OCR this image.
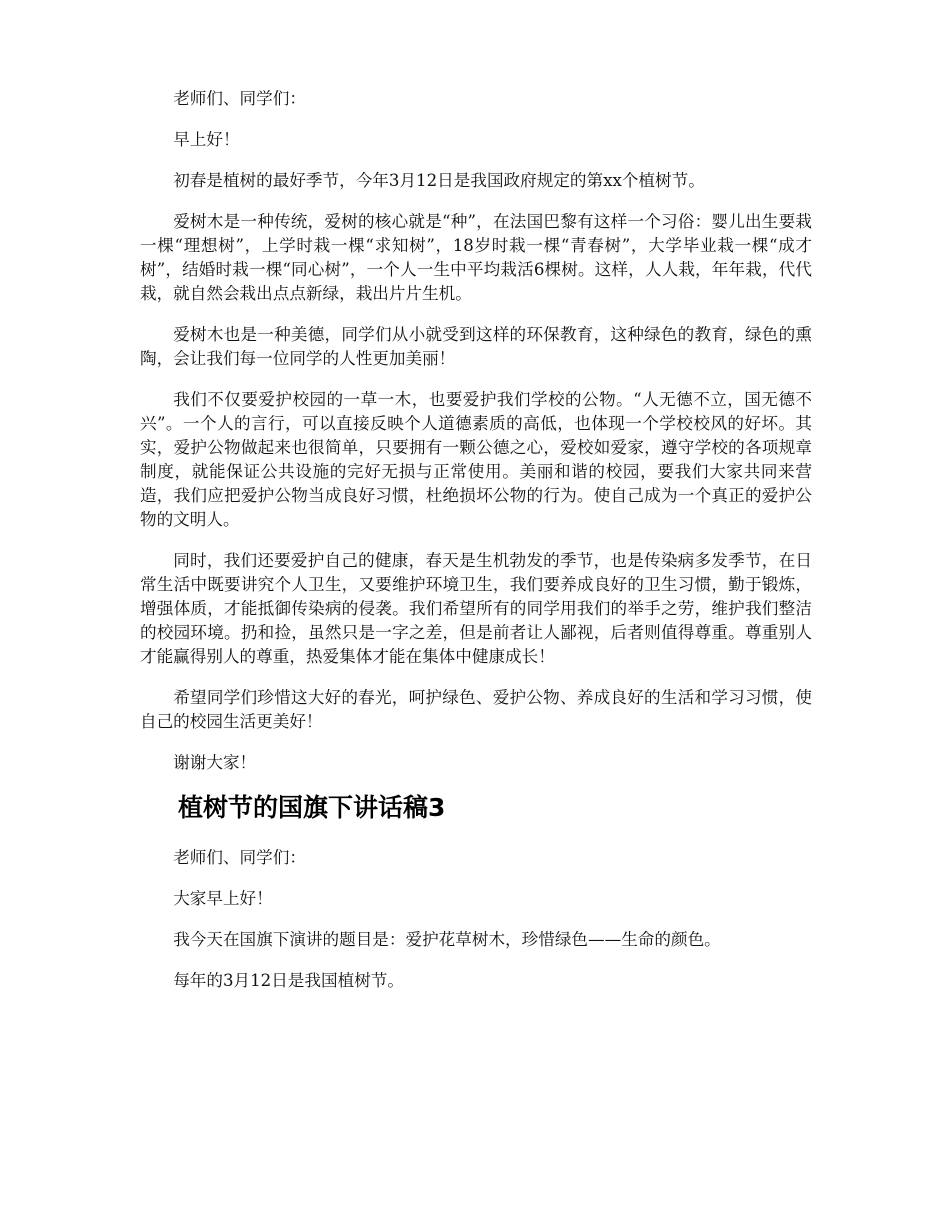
老师们、同学们：

早上好！

初春是植树的最好季节，今年3月12日是我国政府规定的第xx个植树节。

爱树木是一种传统，爱树的核心就是“种”，在法国巴黎有这样一个习俗：婴儿出生要栽一棵“理想树”，上学时栽一棵“求知树”，18岁时栽一棵“青春树”，大学毕业栽一棵“成才树”，结婚时栽一棵“同心树”，一个人一生中平均栽活6棵树。这样，人人栽，年年栽，代代栽，就自然会栽出点点新绿，栽出片片生机。

爱树木也是一种美德，同学们从小就受到这样的环保教育，这种绿色的教育，绿色的熏陶，会让我们每一位同学的人性更加美丽！

我们不仅要爱护校园的一草一木，也要爱护我们学校的公物。“人无德不立，国无德不兴”。一个人的言行，可以直接反映个人道德素质的高低，也体现一个学校校风的好坏。其实，爱护公物做起来也很简单，只要拥有一颗公德之心，爱校如爱家，遵守学校的各项规章制度，就能保证公共设施的完好无损与正常使用。美丽和谐的校园，要我们大家共同来营造，我们应把爱护公物当成良好习惯，杜绝损坏公物的行为。使自己成为一个真正的爱护公物的文明人。

同时，我们还要爱护自己的健康，春天是生机勃发的季节，也是传染病多发季节，在日常生活中既要讲究个人卫生，又要维护环境卫生，我们要养成良好的卫生习惯，勤于锻炼，增强体质，才能抵御传染病的侵袭。我们希望所有的同学用我们的举手之劳，维护我们整洁的校园环境。扔和捡，虽然只是一字之差，但是前者让人鄙视，后者则值得尊重。尊重别人才能赢得别人的尊重，热爱集体才能在集体中健康成长！

希望同学们珍惜这大好的春光，呵护绿色、爱护公物、养成良好的生活和学习习惯，使自己的校园生活更美好！

谢谢大家！

植树节的国旗下讲话稿3

老师们、同学们：

大家早上好！

我今天在国旗下演讲的题目是：爱护花草树木，珍惜绿色——生命的颜色。

每年的3月12日是我国植树节。
